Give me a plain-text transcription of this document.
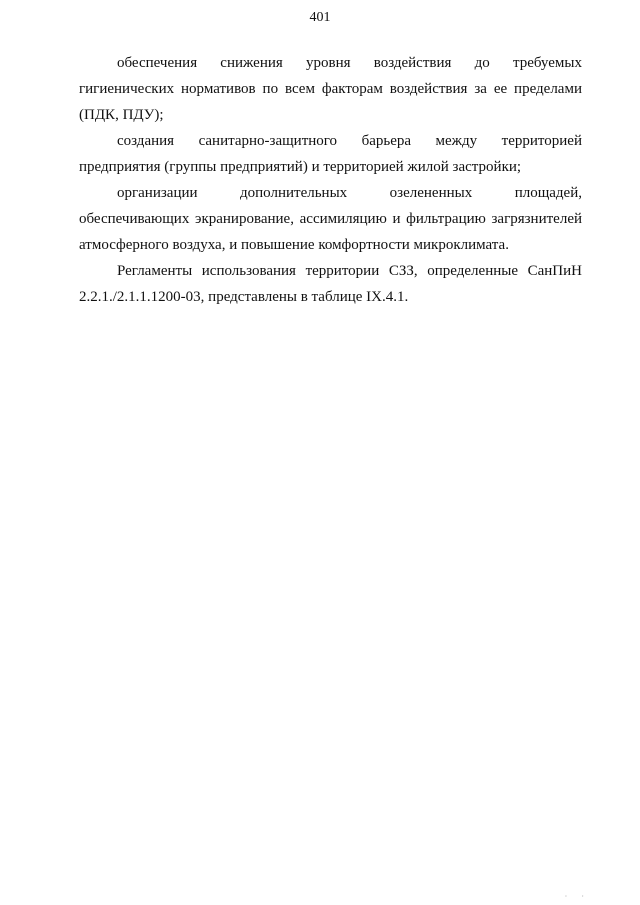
401
обеспечения снижения уровня воздействия до требуемых
гигиенических нормативов по всем факторам воздействия за ее пределами
(ПДК, ПДУ);
создания санитарно-защитного барьера между территорией
предприятия (группы предприятий) и территорией жилой застройки;
организации	дополнительных	озелененных	площадей,
обеспечивающих экранирование, ассимиляцию и фильтрацию загрязнителей
атмосферного воздуха, и повышение комфортности микроклимата.
Регламенты использования территории СЗЗ, определенные СанПиН
2.2.1./2.1.1.1200-03, представлены в таблице IX.4.1.
· ·
